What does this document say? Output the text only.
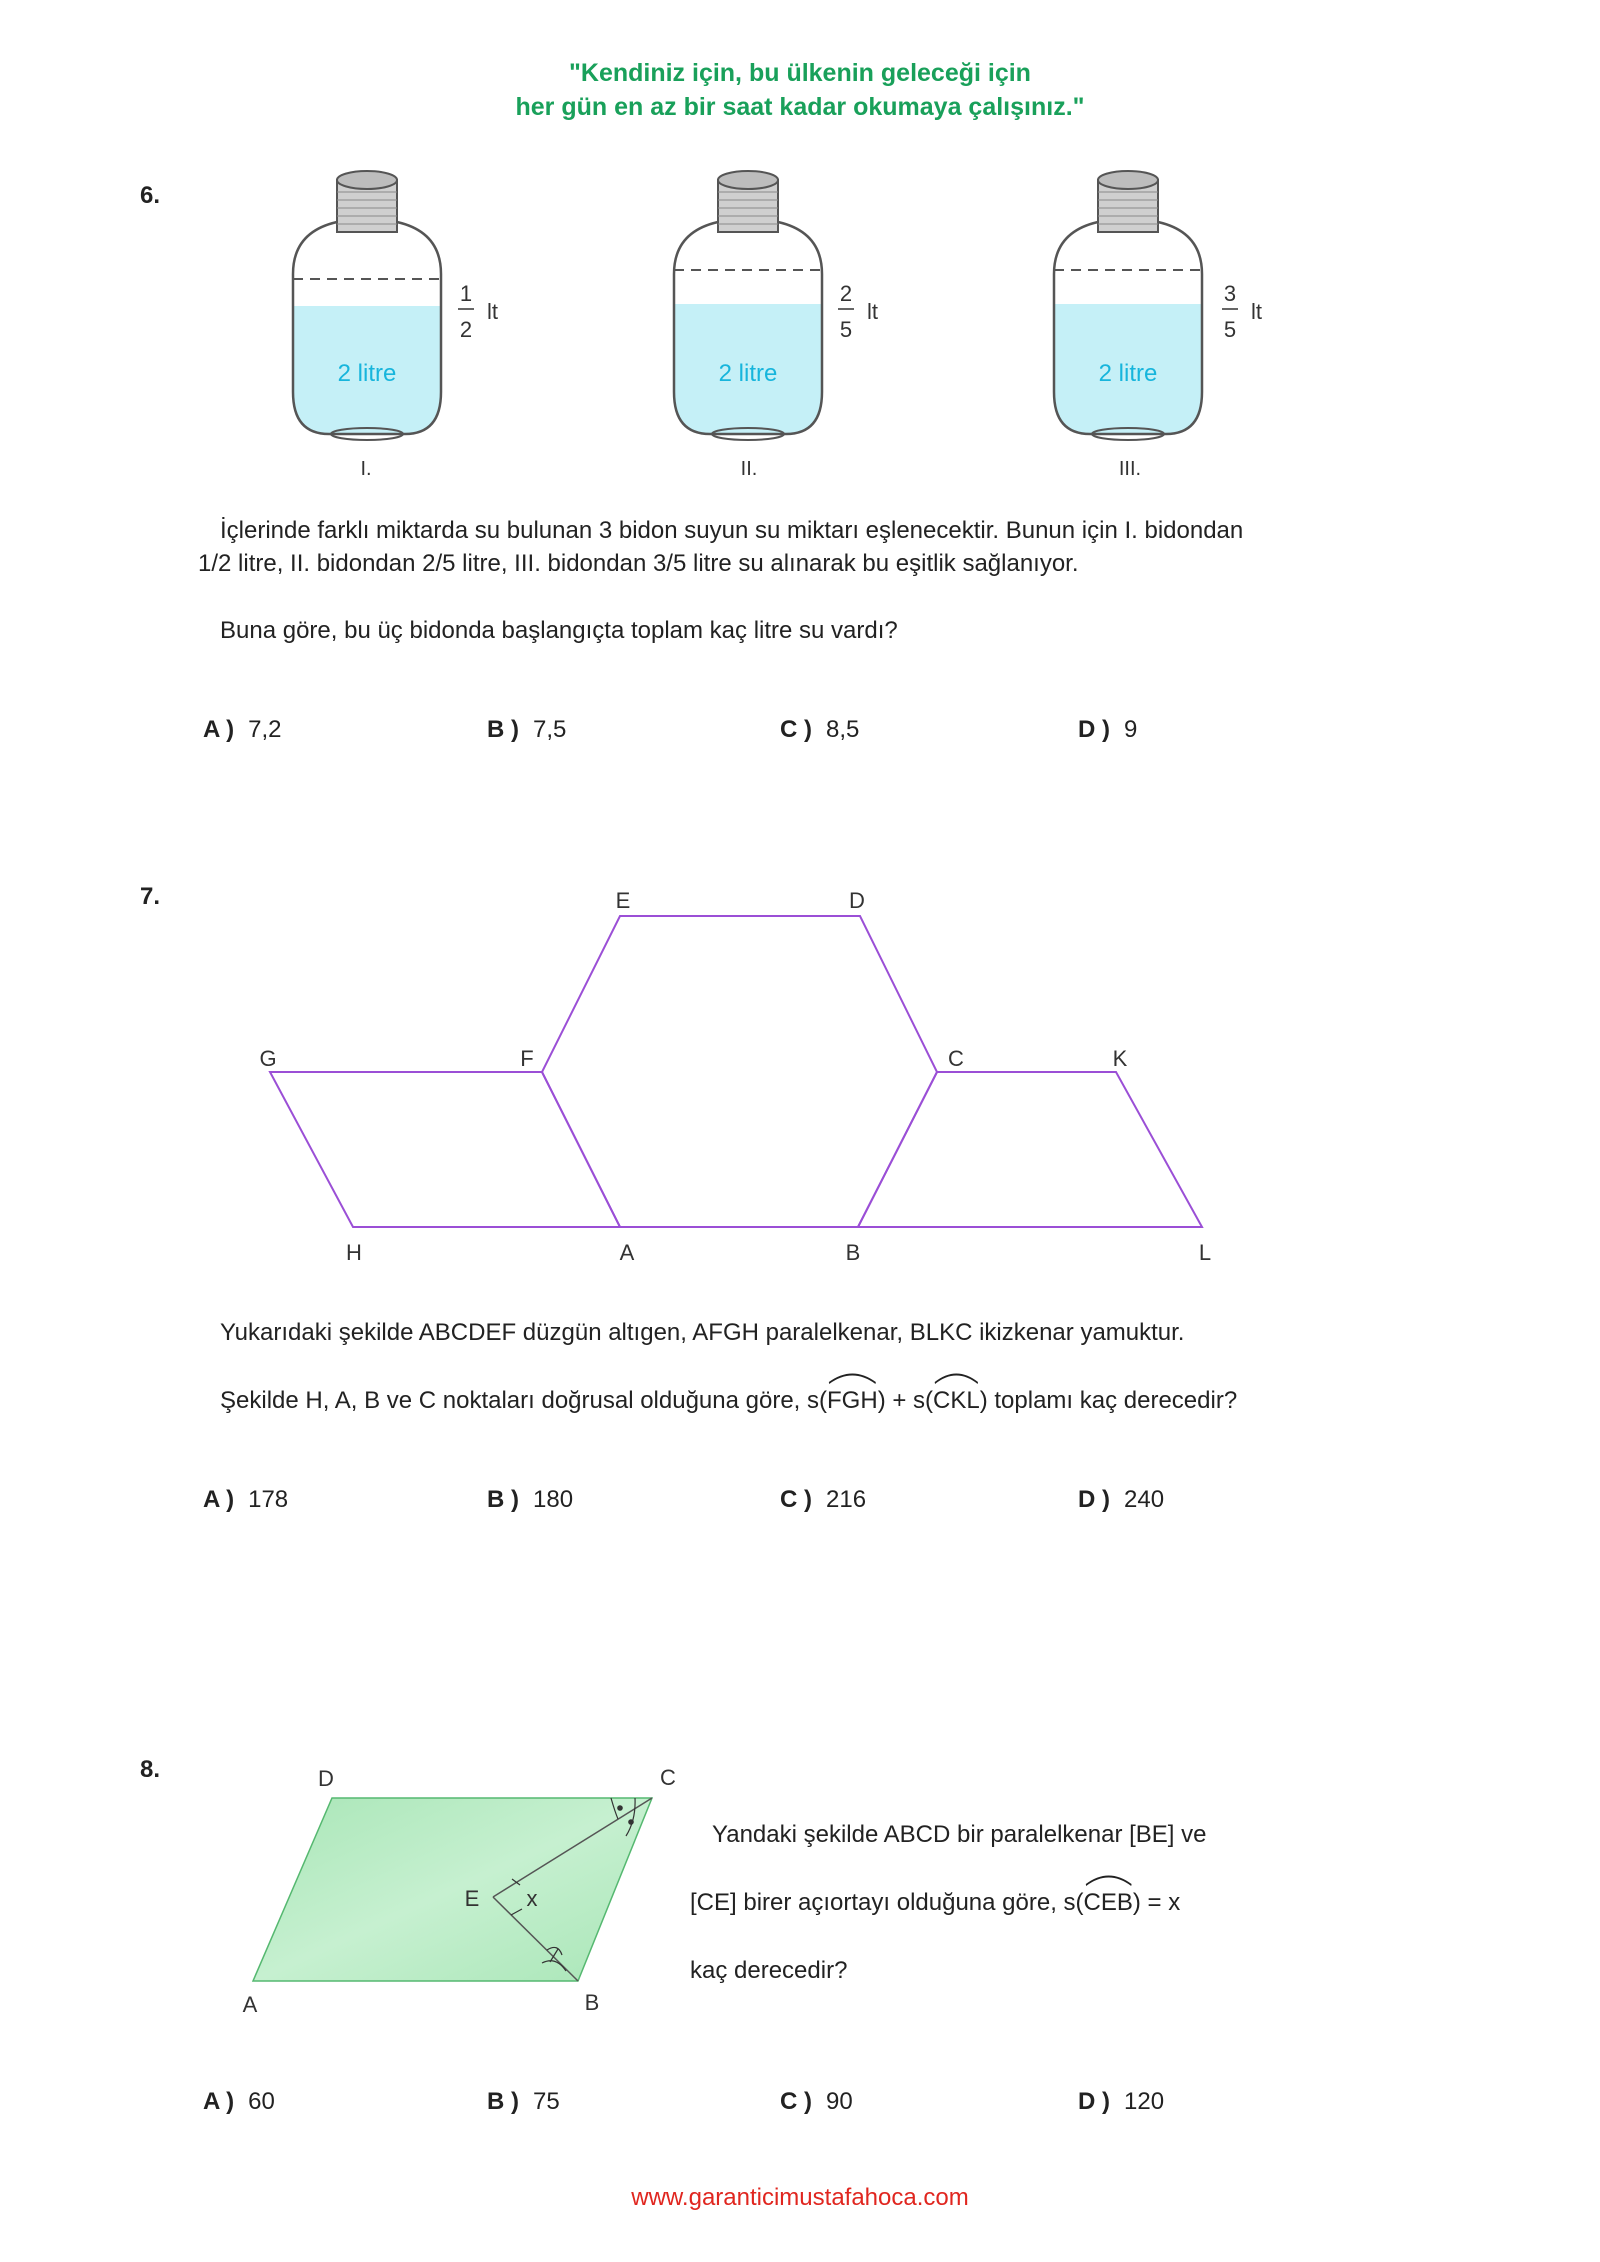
"Kendiniz için, bu ülkenin geleceği için
her gün en az bir saat kadar okumaya çalışınız."
6.
2 litre
1
2
lt
I.
2 litre
2
5
lt
II.
2 litre
3
5
lt
III.
İçlerinde farklı miktarda su bulunan 3 bidon suyun su miktarı eşlenecektir. Bunun için I. bidondan
1/2 litre, II. bidondan 2/5 litre, III. bidondan 3/5 litre su alınarak bu eşitlik sağlanıyor.
Buna göre, bu üç bidonda başlangıçta toplam kaç litre su vardı?
A ) 7,2	B ) 7,5	C ) 8,5	D ) 9
7.	E	D
G	F	C	K
H	A	B	L
Yukarıdaki şekilde ABCDEF düzgün altıgen, AFGH paralelkenar, BLKC ikizkenar yamuktur.
Şekilde H, A, B ve C noktaları doğrusal olduğuna göre, s(
FGH) + s(
CKL) toplamı kaç derecedir?
A ) 178	B ) 180	C ) 216	D ) 240
8.	D	C
E x
A	B
Yandaki şekilde ABCD bir paralelkenar [BE] ve
[CE] birer açıortayı olduğuna göre, s(
CEB) = x
kaç derecedir?
A ) 60	B ) 75	C ) 90	D ) 120
www.garanticimustafahoca.com
